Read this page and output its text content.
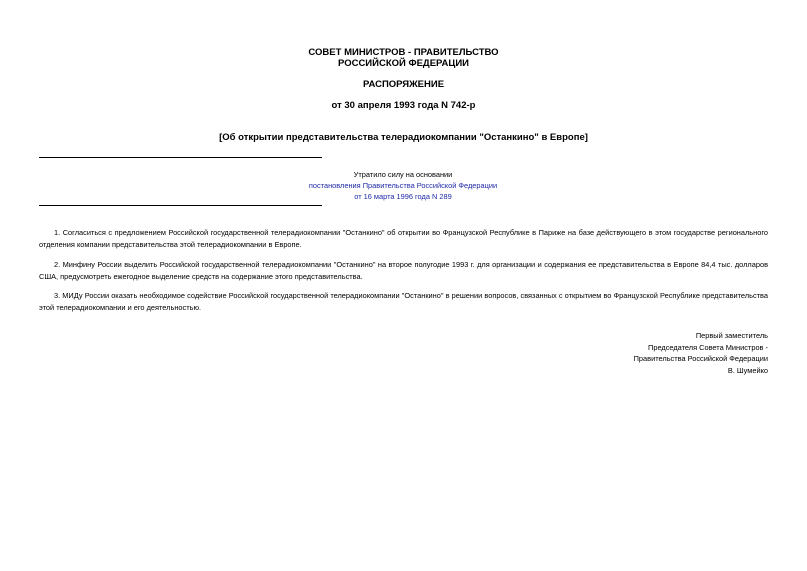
СОВЕТ МИНИСТРОВ - ПРАВИТЕЛЬСТВО
РОССИЙСКОЙ ФЕДЕРАЦИИ
РАСПОРЯЖЕНИЕ
от 30 апреля 1993 года N 742-р
[Об открытии представительства телерадиокомпании "Останкино" в Европе]
Утратило силу на основании
постановления Правительства Российской Федерации
от 16 марта 1996 года N 289

1. Согласиться с предложением Российской государственной телерадиокомпании "Останкино" об открытии во Французской Республике в Париже на базе действующего в этом государстве регионального отделения компании представительства этой телерадиокомпании в Европе.

2. Минфину России выделить Российской государственной телерадиокомпании "Останкино" на второе полугодие 1993 г. для организации и содержания ее представительства в Европе 84,4 тыс. долларов США, предусмотреть ежегодное выделение средств на содержание этого представительства.

3. МИДу России оказать необходимое содействие Российской государственной телерадиокомпании "Останкино" в решении вопросов, связанных с открытием во Французской Республике представительства этой телерадиокомпании и его деятельностью.

Первый заместитель
Председателя Совета Министров -
Правительства Российской Федерации
В. Шумейко
